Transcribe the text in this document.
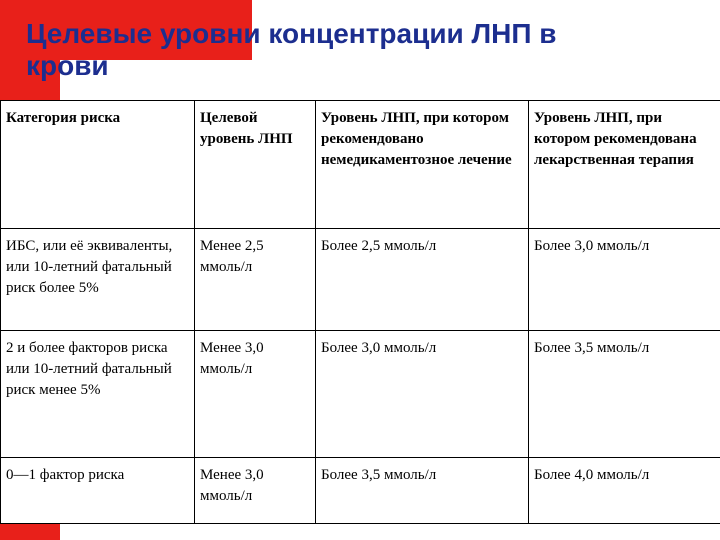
Целевые уровни концентрации ЛНП в крови
Категория риска	Целевой уровень ЛНП	Уровень ЛНП, при котором рекомендовано немедикаментозное лечение	Уровень ЛНП, при котором рекомендована лекарственная терапия

ИБС, или её эквиваленты, или 10-летний фатальный риск более 5%	Менее 2,5 ммоль/л	Более 2,5 ммоль/л	Более 3,0 ммоль/л

2 и более факторов риска или 10-летний фатальный риск менее 5%	Менее 3,0 ммоль/л	Более 3,0 ммоль/л	Более 3,5 ммоль/л

0—1 фактор риска	Менее 3,0 ммоль/л	Более 3,5 ммоль/л	Более 4,0 ммоль/л
